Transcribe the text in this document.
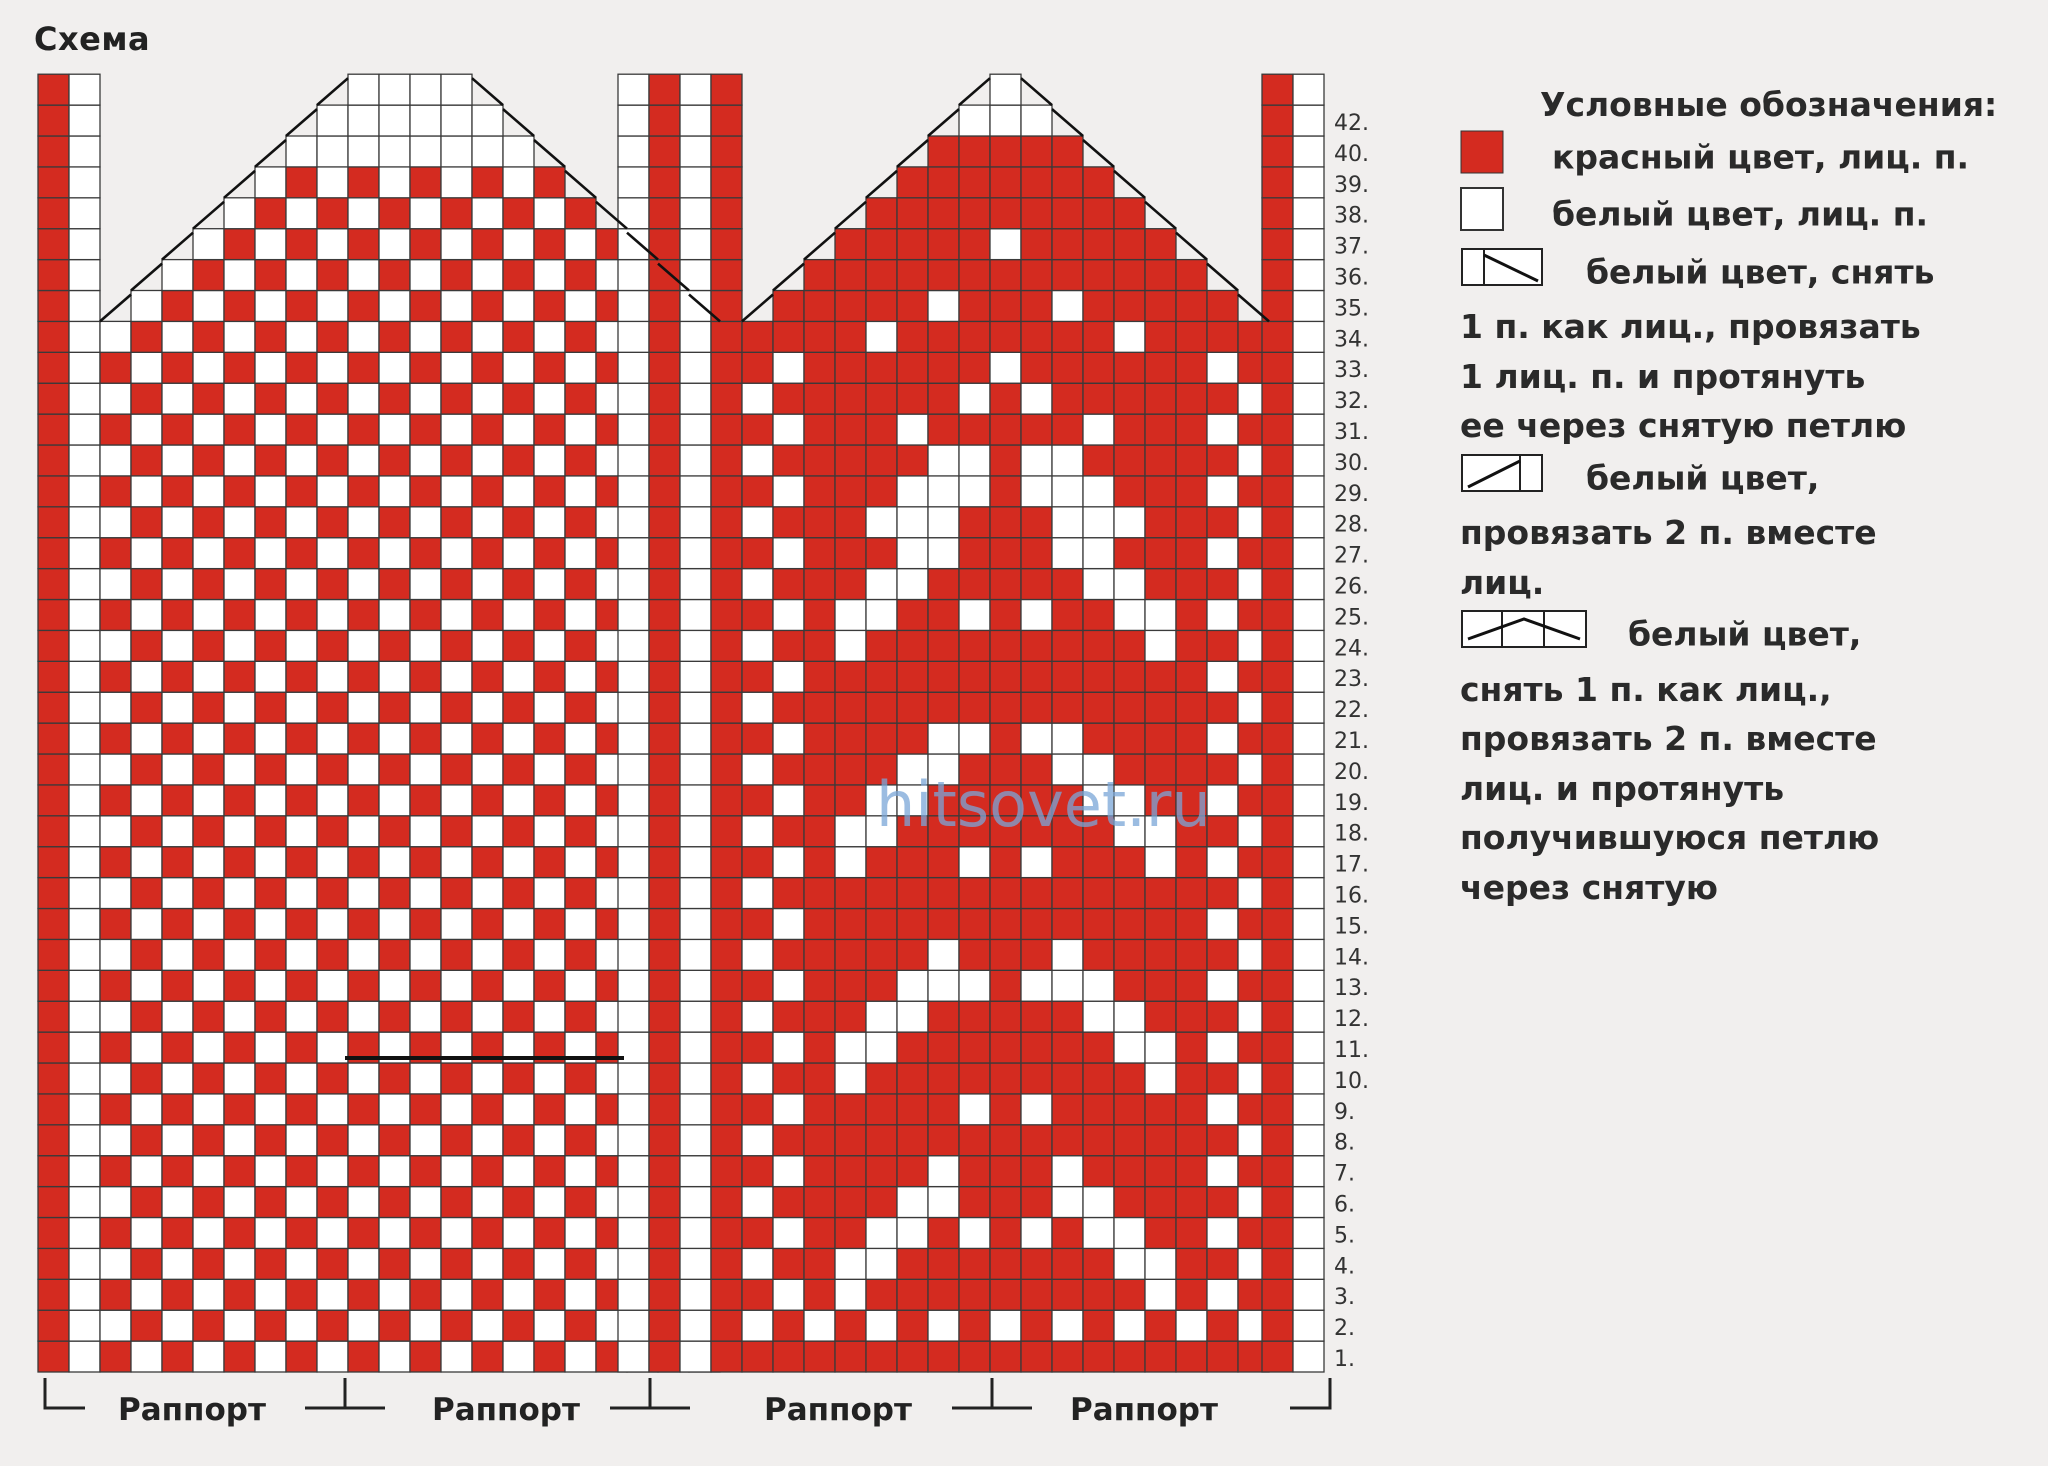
Схема
1.
2.
3.
4.
5.
6.
7.
8.
9.
10.
11.
12.
13.
14.
15.
16.
17.
18.
19.
20.
21.
22.
23.
24.
25.
26.
27.
28.
29.
30.
31.
32.
33.
34.
35.
36.
37.
38.
39.
40.
42.
Раппорт	Раппорт	Раппорт	Раппорт
hitsovet.ru
Условные обозначения:
красный цвет, лиц. п.
белый цвет, лиц. п.
белый цвет, снять
1 п. как лиц., провязать
1 лиц. п. и протянуть
ее через снятую петлю
белый цвет,
провязать 2 п. вместе
лиц.
белый цвет,
снять 1 п. как лиц.,
провязать 2 п. вместе
лиц. и протянуть
получившуюся петлю
через снятую
